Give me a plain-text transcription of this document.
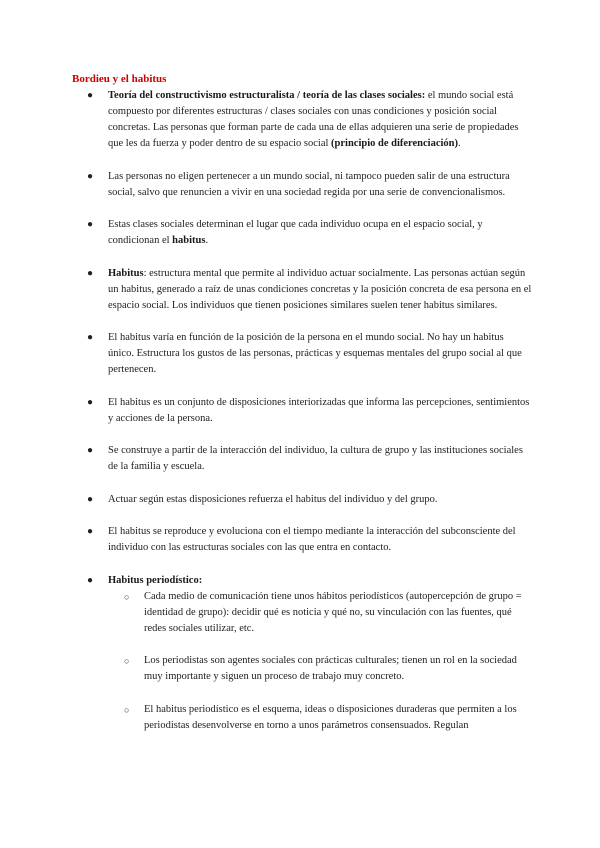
Bordieu y el habitus
● Teoría del constructivismo estructuralista / teoría de las clases sociales: el mundo social está compuesto por diferentes estructuras / clases sociales con unas condiciones y posición social concretas. Las personas que forman parte de cada una de ellas adquieren una serie de propiedades que les da fuerza y poder dentro de su espacio social (principio de diferenciación).

● Las personas no eligen pertenecer a un mundo social, ni tampoco pueden salir de una estructura social, salvo que renuncien a vivir en una sociedad regida por una serie de convencionalismos.

● Estas clases sociales determinan el lugar que cada individuo ocupa en el espacio social, y condicionan el habitus.

● Habitus: estructura mental que permite al individuo actuar socialmente. Las personas actúan según un habitus, generado a raíz de unas condiciones concretas y la posición concreta de esa persona en el espacio social. Los individuos que tienen posiciones similares suelen tener habitus similares.

● El habitus varía en función de la posición de la persona en el mundo social. No hay un habitus único. Estructura los gustos de las personas, prácticas y esquemas mentales del grupo social al que pertenecen.

● El habitus es un conjunto de disposiciones interiorizadas que informa las percepciones, sentimientos y acciones de la persona.

● Se construye a partir de la interacción del individuo, la cultura de grupo y las instituciones sociales de la familia y escuela.

● Actuar según estas disposiciones refuerza el habitus del individuo y del grupo.

● El habitus se reproduce y evoluciona con el tiempo mediante la interacción del subconsciente del individuo con las estructuras sociales con las que entra en contacto.

● Habitus periodístico:

○ Cada medio de comunicación tiene unos hábitos periodísticos (autopercepción de grupo = identidad de grupo): decidir qué es noticia y qué no, su vinculación con las fuentes, qué redes sociales utilizar, etc.

○ Los periodistas son agentes sociales con prácticas culturales; tienen un rol en la sociedad muy importante y siguen un proceso de trabajo muy concreto.

○ El habitus periodístico es el esquema, ideas o disposiciones duraderas que permiten a los periodistas desenvolverse en torno a unos parámetros consensuados. Regulan
